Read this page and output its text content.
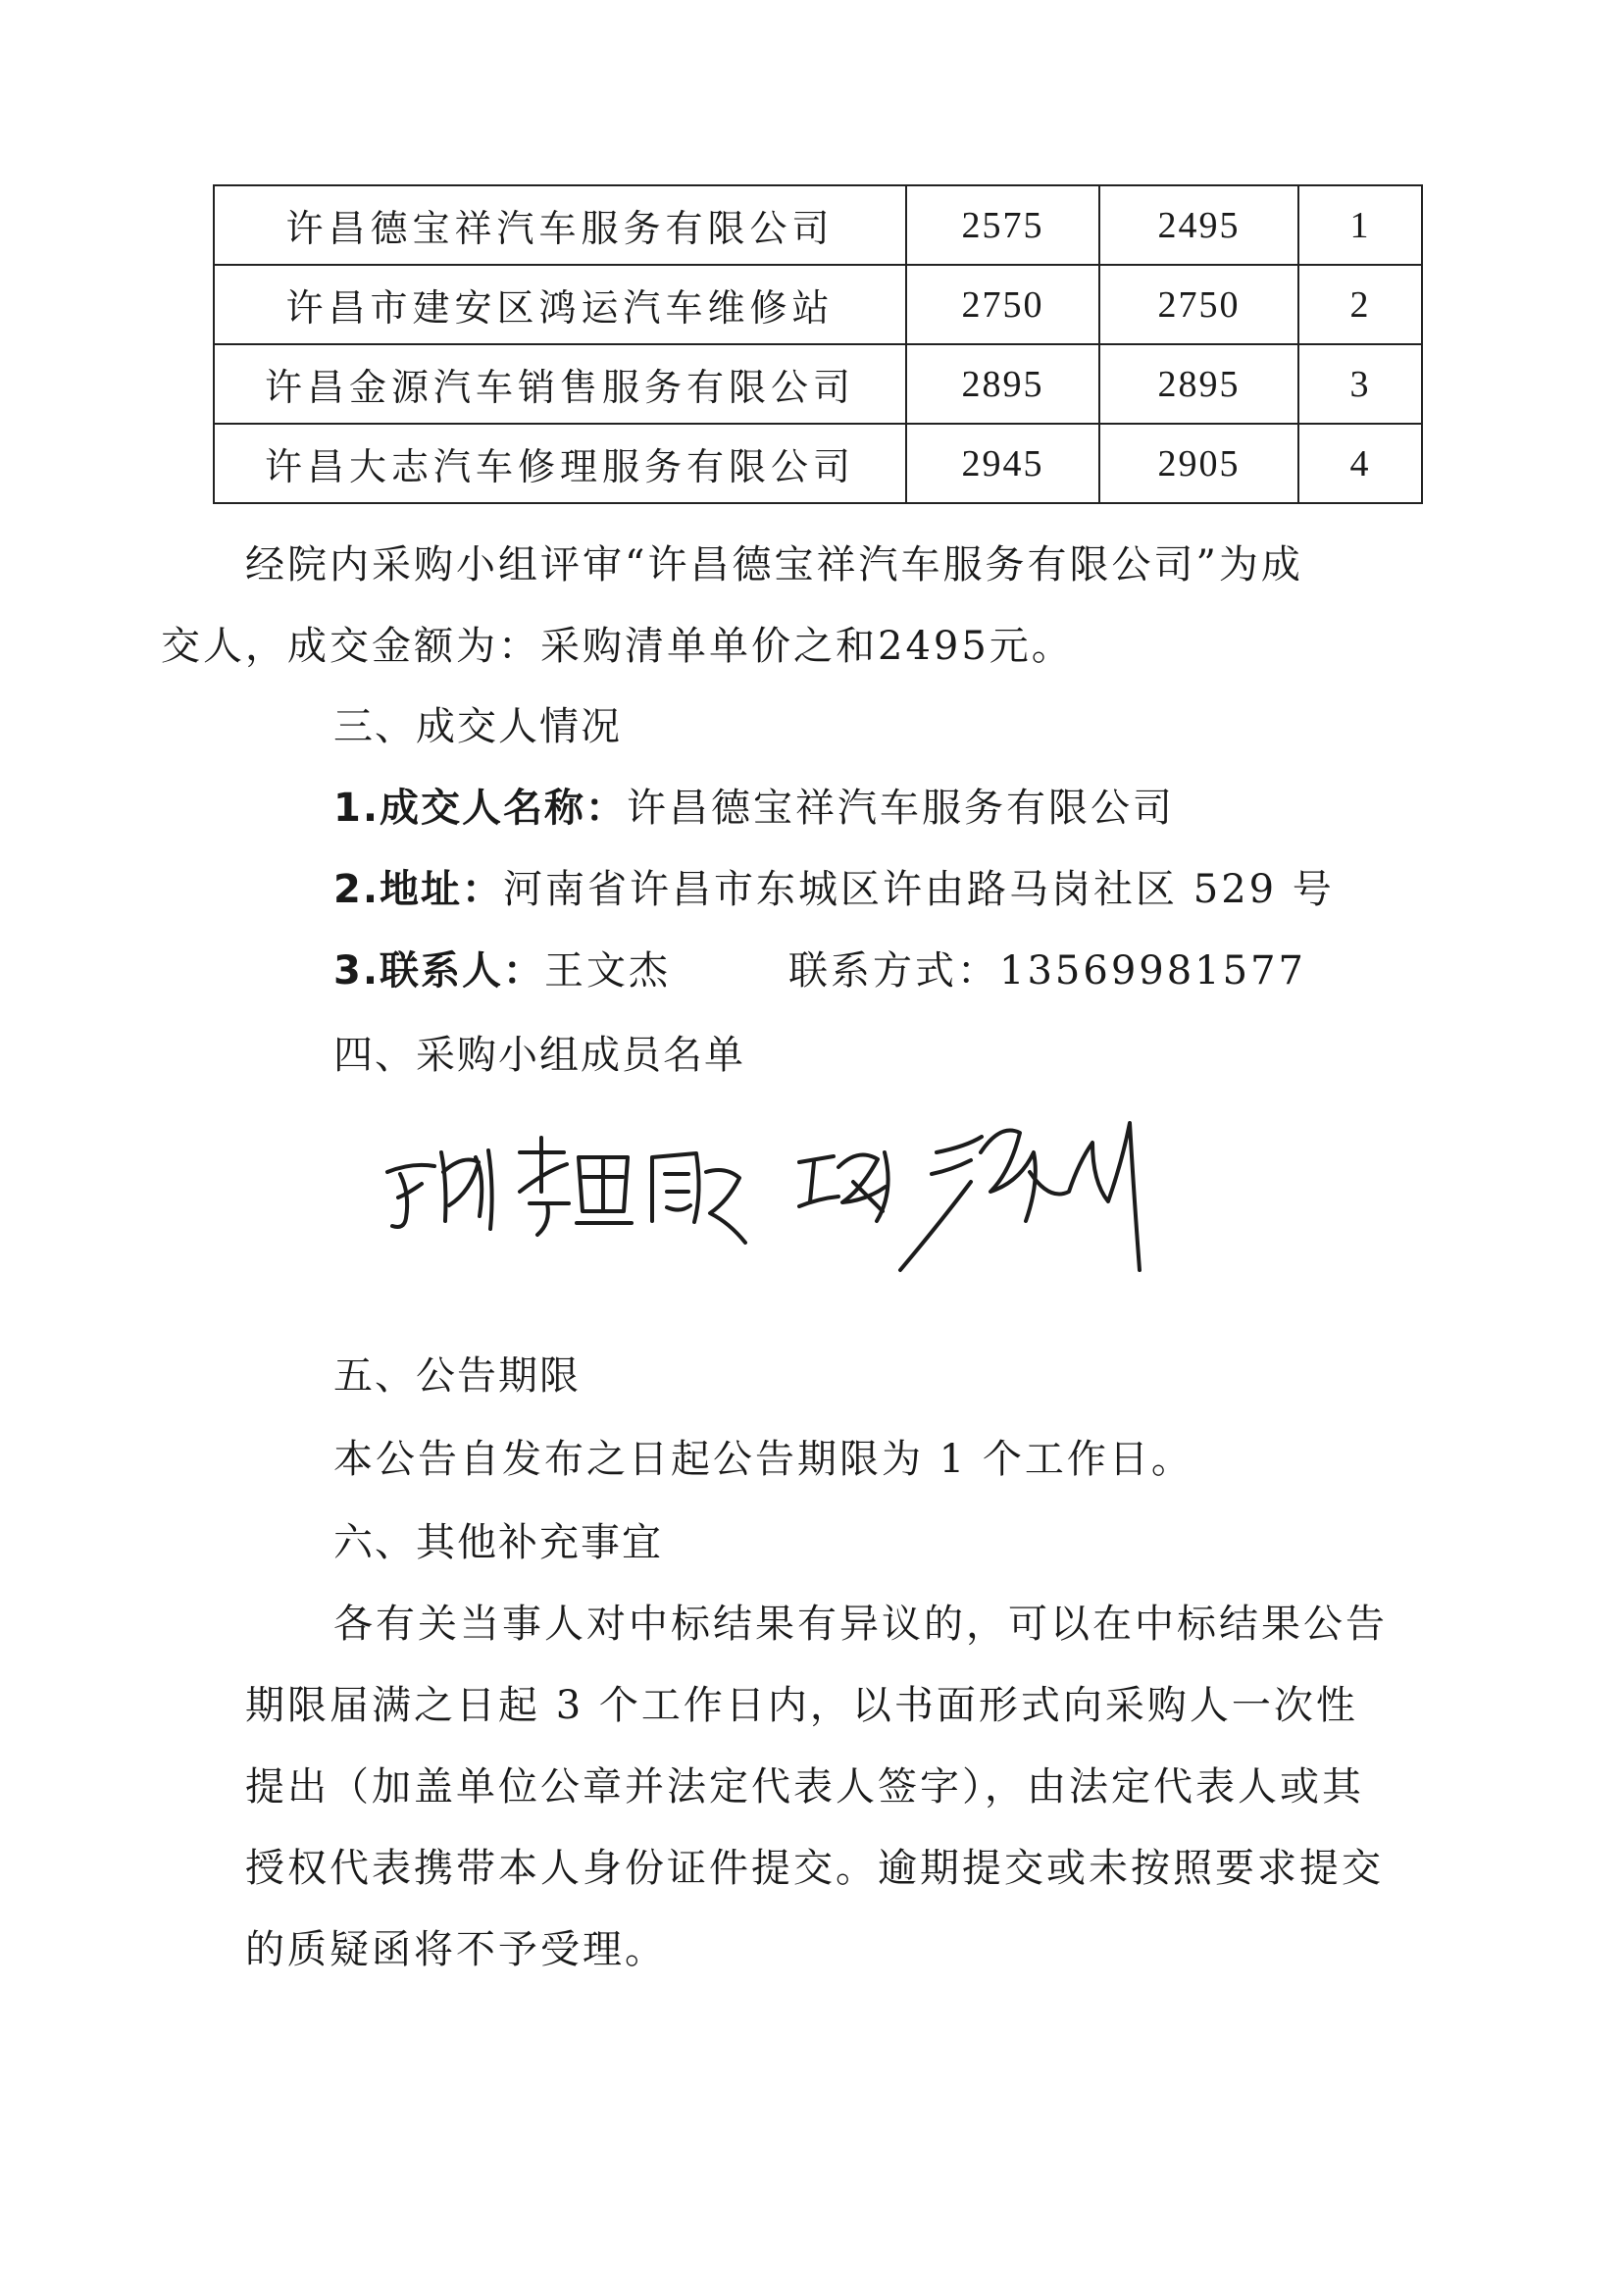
许昌德宝祥汽车服务有限公司	2575	2495	1
许昌市建安区鸿运汽车维修站	2750	2750	2
许昌金源汽车销售服务有限公司	2895	2895	3
许昌大志汽车修理服务有限公司	2945	2905	4

经院内采购小组评审“许昌德宝祥汽车服务有限公司”为成交人，成交金额为：采购清单单价之和2495元。

三、成交人情况

1.成交人名称：许昌德宝祥汽车服务有限公司

2.地址：河南省许昌市东城区许由路马岗社区 529 号

3.联系人：王文杰	联系方式：13569981577

四、采购小组成员名单

五、公告期限

本公告自发布之日起公告期限为 1 个工作日。

六、其他补充事宜

各有关当事人对中标结果有异议的，可以在中标结果公告期限届满之日起 3 个工作日内，以书面形式向采购人一次性提出（加盖单位公章并法定代表人签字），由法定代表人或其授权代表携带本人身份证件提交。逾期提交或未按照要求提交的质疑函将不予受理。
